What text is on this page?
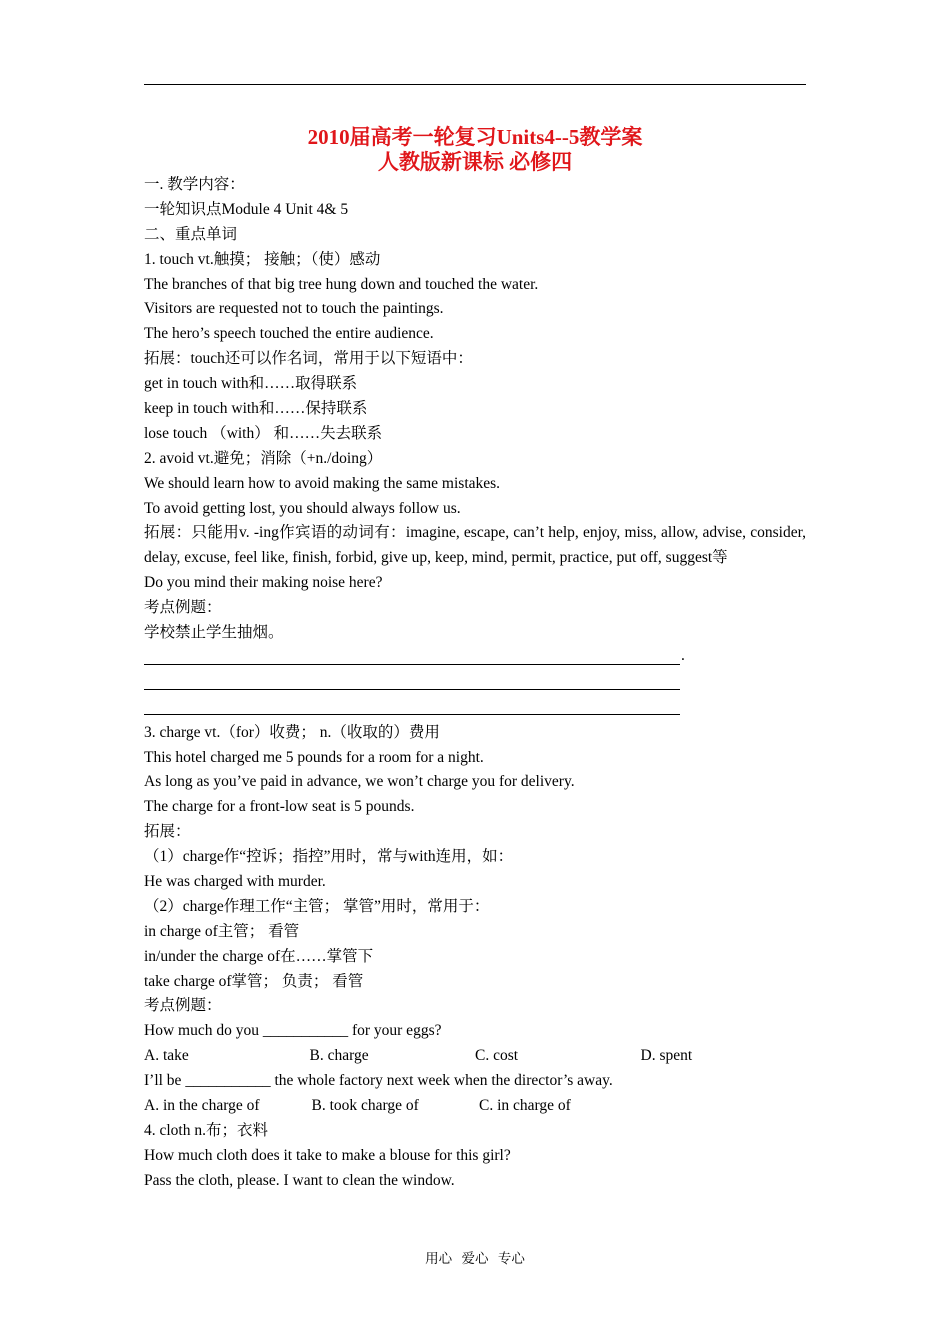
2010届高考一轮复习Units4--5教学案
人教版新课标 必修四
一. 教学内容：
一轮知识点Module 4 Unit 4& 5
二、重点单词
1. touch vt.触摸； 接触；（使）感动
The branches of that big tree hung down and touched the water.
Visitors are requested not to touch the paintings.
The hero’s speech touched the entire audience.
拓展：touch还可以作名词，常用于以下短语中：
get in touch with和……取得联系
keep in touch with和……保持联系
lose touch （with） 和……失去联系
2. avoid vt.避免；消除（+n./doing）
We should learn how to avoid making the same mistakes.
To avoid getting lost, you should always follow us.
拓展：只能用v. -ing作宾语的动词有：imagine, escape, can’t help, enjoy, miss, allow, advise, consider, delay, excuse, feel like, finish, forbid, give up, keep, mind, permit, practice, put off, suggest等
Do you mind their making noise here?
考点例题：
学校禁止学生抽烟。
.
3. charge vt.（for）收费； n.（收取的）费用
This hotel charged me 5 pounds for a room for a night.
As long as you’ve paid in advance, we won’t charge you for delivery.
The charge for a front-low seat is 5 pounds.
拓展：
（1）charge作“控诉；指控”用时，常与with连用，如：
He was charged with murder.
（2）charge作理工作“主管； 掌管”用时，常用于：
in charge of主管； 看管
in/under the charge of在……掌管下
take charge of掌管； 负责； 看管
考点例题：
How much do you ___________ for your eggs?
A. take	B. charge	C. cost	D. spent
I’ll be ___________ the whole factory next week when the director’s away.
A. in the charge of	B. took charge of	C. in charge of
4. cloth n.布；衣料
How much cloth does it take to make a blouse for this girl?
Pass the cloth, please. I want to clean the window.
用心 爱心 专心
